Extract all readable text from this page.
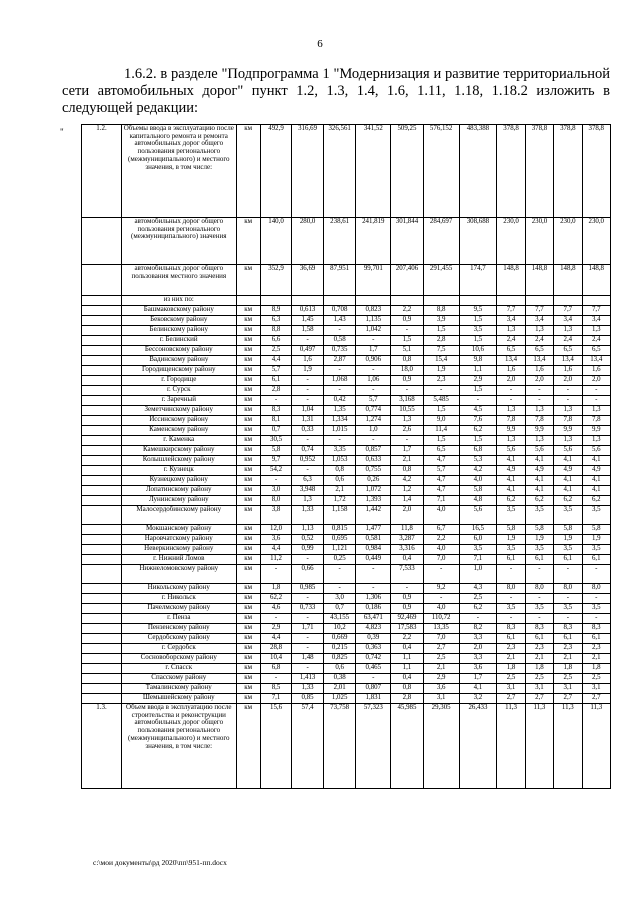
6
1.6.2. в разделе "Подпрограмма 1 "Модернизация и развитие территориальной сети автомобильных дорог" пункт 1.2, 1.3, 1.4, 1.6, 1.11, 1.18, 1.18.2 изложить в следующей редакции:
"	1.2.	Объемы ввода в эксплуатацию после капитального ремонта и ремонта автомобильных дорог общего пользования регионального (межмуниципального) и местного значения, в том числе:	км	492,9	316,69	326,561	341,52	509,25	576,152	483,388	378,8	378,8	378,8	378,8
	автомобильных дорог общего пользования регионального (межмуниципального) значения	км	140,0	280,0	238,61	241,819	301,844	284,697	308,688	230,0	230,0	230,0	230,0
	автомобильных дорог общего пользования местного значения	км	352,9	36,69	87,951	99,701	207,406	291,455	174,7	148,8	148,8	148,8	148,8
	из них по:												
	Башмаковскому району	км	8,9	0,613	0,708	0,823	2,2	8,8	9,5	7,7	7,7	7,7	7,7
	Бековскому району	км	6,3	1,45	1,43	1,135	0,9	3,9	1,5	3,4	3,4	3,4	3,4
	Белинскому району	км	8,8	1,58	-	1,042	-	1,5	3,5	1,3	1,3	1,3	1,3
	г. Белинский	км	6,6	-	0,58	-	1,5	2,8	1,5	2,4	2,4	2,4	2,4
	Бессоновскому району	км	2,5	0,497	0,735	1,7	5,1	7,5	10,6	6,5	6,5	6,5	6,5
	Вадинскому району	км	4,4	1,6	2,87	0,906	0,8	15,4	9,8	13,4	13,4	13,4	13,4
	Городищенскому району	км	5,7	1,9	-	-	18,0	1,9	1,1	1,6	1,6	1,6	1,6
	г. Городище	км	6,1	-	1,068	1,06	0,9	2,3	2,9	2,0	2,0	2,0	2,0
	г. Сурск	км	2,8	-	-	-	-	-	1,5	-	-	-	-
	г. Заречный	км	-	-	0,42	5,7	3,168	5,485	-	-	-	-	-
	Земетчинскому району	км	8,3	1,04	1,35	0,774	10,55	1,5	4,5	1,3	1,3	1,3	1,3
	Иссинскому району	км	8,1	1,31	1,334	1,274	1,3	9,0	7,6	7,8	7,8	7,8	7,8
	Каменскому району	км	0,7	0,33	1,015	1,0	2,6	11,4	6,2	9,9	9,9	9,9	9,9
	г. Каменка	км	30,5	-	-	-	-	1,5	1,5	1,3	1,3	1,3	1,3
	Камешкирскому району	км	5,8	0,74	3,35	0,857	1,7	6,5	6,8	5,6	5,6	5,6	5,6
	Колышлейскому району	км	9,7	0,952	1,053	0,633	2,1	4,7	5,3	4,1	4,1	4,1	4,1
	г. Кузнецк	км	54,2	-	0,8	0,755	0,8	5,7	4,2	4,9	4,9	4,9	4,9
	Кузнецкому району	км	-	6,3	0,6	0,26	4,2	4,7	4,0	4,1	4,1	4,1	4,1
	Лопатинскому району	км	3,0	3,948	2,1	1,072	1,2	4,7	5,8	4,1	4,1	4,1	4,1
	Лунинскому району	км	8,0	1,3	1,72	1,393	1,4	7,1	4,8	6,2	6,2	6,2	6,2
	Малосердобинскому району	км	3,8	1,33	1,158	1,442	2,0	4,0	5,6	3,5	3,5	3,5	3,5
	Мокшанскому району	км	12,0	1,13	0,815	1,477	11,8	6,7	16,5	5,8	5,8	5,8	5,8
	Наровчатскому району	км	3,6	0,52	0,695	0,581	3,287	2,2	6,0	1,9	1,9	1,9	1,9
	Неверкинскому району	км	4,4	0,99	1,121	0,984	3,316	4,0	3,5	3,5	3,5	3,5	3,5
	г. Нижний Ломов	км	11,2	-	0,25	0,449	0,4	7,0	7,1	6,1	6,1	6,1	6,1
	Нижнеломовскому району	км	-	0,66	-	-	7,533	-	1,0	-	-	-	-
	Никольскому району	км	1,8	0,985	-	-	-	9,2	4,3	8,0	8,0	8,0	8,0
	г. Никольск	км	62,2	-	3,0	1,306	0,9	-	2,5	-	-	-	-
	Пачелмскому району	км	4,6	0,733	0,7	0,186	0,9	4,0	6,2	3,5	3,5	3,5	3,5
	г. Пенза	км	-	-	43,155	63,471	92,469	110,72	-	-	-	-	-
	Пензенскому району	км	2,9	1,71	10,2	4,823	17,583	13,35	8,2	8,3	8,3	8,3	8,3
	Сердобскому району	км	4,4	-	0,669	0,39	2,2	7,0	3,3	6,1	6,1	6,1	6,1
	г. Сердобск	км	28,8	-	0,215	0,363	0,4	2,7	2,0	2,3	2,3	2,3	2,3
	Сосновоборскому району	км	10,4	1,48	0,825	0,742	1,1	2,5	3,3	2,1	2,1	2,1	2,1
	г. Спасск	км	6,8	-	0,6	0,465	1,1	2,1	3,6	1,8	1,8	1,8	1,8
	Спасскому району	км	-	1,413	0,38	-	0,4	2,9	1,7	2,5	2,5	2,5	2,5
	Тамалинскому району	км	8,5	1,33	2,01	0,807	0,8	3,6	4,1	3,1	3,1	3,1	3,1
	Шемышейскому району	км	7,1	0,85	1,025	1,831	2,8	3,1	3,2	2,7	2,7	2,7	2,7
1.3.	Объем ввода в эксплуатацию после строительства и реконструкции автомобильных дорог общего пользования регионального (межмуниципального) и местного значения, в том числе:	км	15,6	57,4	73,758	57,323	45,985	29,305	26,433	11,3	11,3	11,3	11,3
c:\мои документы\рд 2020\пп\951-пп.docx
